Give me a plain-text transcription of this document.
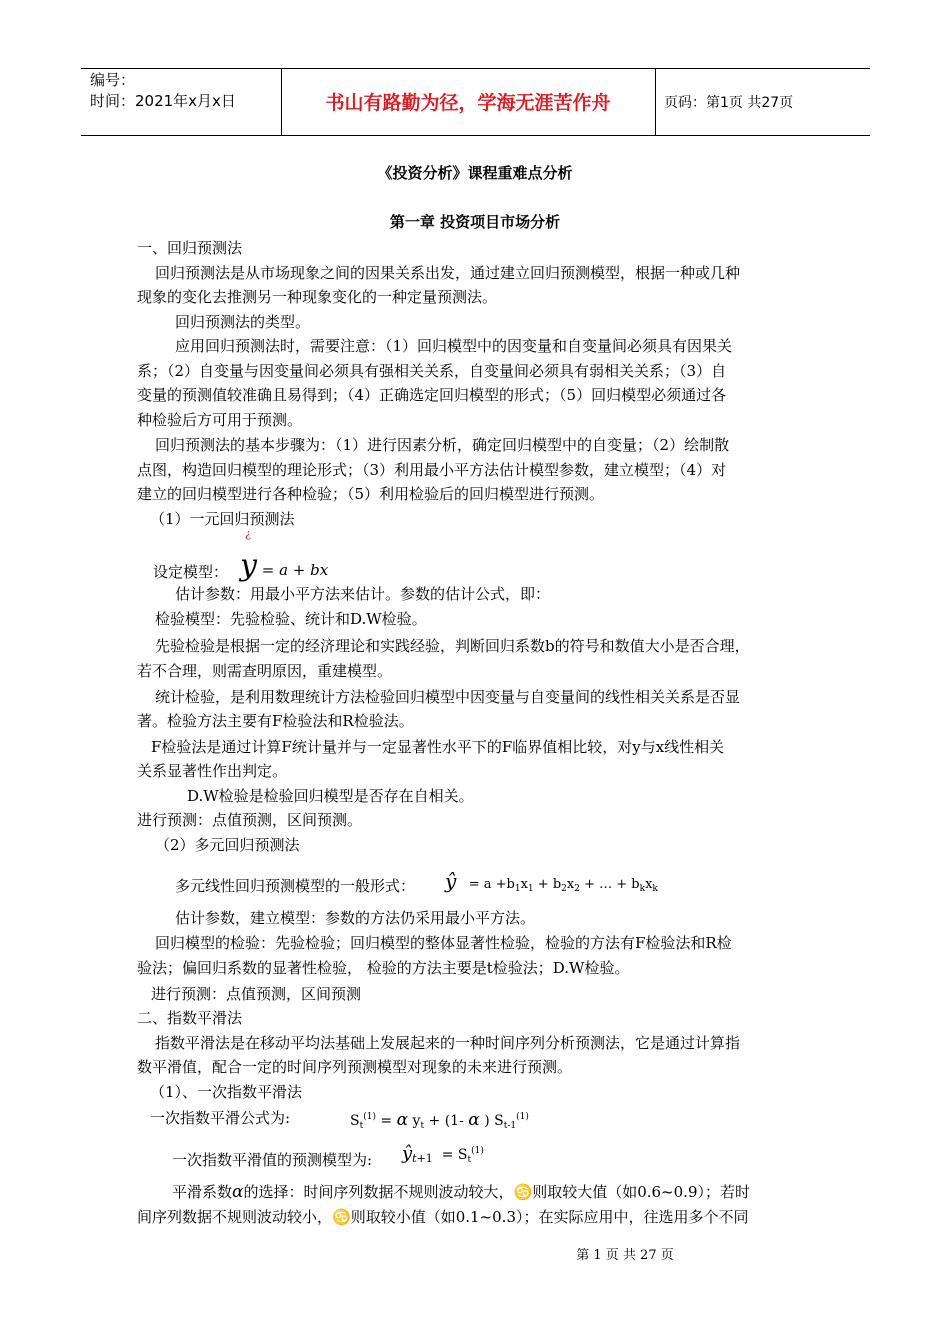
编号：
时间：2021年x月x日	书山有路勤为径，学海无涯苦作舟	页码：第1页 共27页
《投资分析》课程重难点分析
第一章 投资项目市场分析
一、回归预测法
回归预测法是从市场现象之间的因果关系出发，通过建立回归预测模型，根据一种或几种
现象的变化去推测另一种现象变化的一种定量预测法。
回归预测法的类型。
应用回归预测法时，需要注意：（1）回归模型中的因变量和自变量间必须具有因果关
系；（2）自变量与因变量间必须具有强相关关系，自变量间必须具有弱相关关系；（3）自
变量的预测值较准确且易得到；（4）正确选定回归模型的形式；（5）回归模型必须通过各
种检验后方可用于预测。
回归预测法的基本步骤为：（1）进行因素分析，确定回归模型中的自变量；（2）绘制散
点图，构造回归模型的理论形式；（3）利用最小平方法估计模型参数，建立模型；（4）对
建立的回归模型进行各种检验；（5）利用检验后的回归模型进行预测。
（1）一元回归预测法
¿
设定模型： y = a + bx
估计参数：用最小平方法来估计。参数的估计公式，即：
检验模型：先验检验、统计和D.W检验。
先验检验是根据一定的经济理论和实践经验，判断回归系数b的符号和数值大小是否合理，
若不合理，则需查明原因，重建模型。
统计检验，是利用数理统计方法检验回归模型中因变量与自变量间的线性相关关系是否显
著。检验方法主要有F检验法和R检验法。
F检验法是通过计算F统计量并与一定显著性水平下的F临界值相比较，对y与x线性相关
关系显著性作出判定。
D.W检验是检验回归模型是否存在自相关。
进行预测：点值预测，区间预测。
（2）多元回归预测法
多元线性回归预测模型的一般形式： ŷ   = $a +b_1x_1 + b_2x_2$ + … + $b_kx_k$
估计参数，建立模型：参数的方法仍采用最小平方法。
回归模型的检验：先验检验；回归模型的整体显著性检验，检验的方法有F检验法和R检
验法；偏回归系数的显著性检验， 检验的方法主要是t检验法；D.W检验。
进行预测：点值预测，区间预测
二、指数平滑法
指数平滑法是在移动平均法基础上发展起来的一种时间序列分析预测法，它是通过计算指
数平滑值，配合一定的时间序列预测模型对现象的未来进行预测。
（1）、一次指数平滑法
一次指数平滑公式为:	$S_t^{(1)} = \alpha$ $y_t + (1-$ α ) $S_{t-1}^{(1)}$
一次指数平滑值的预测模型为: $ŷ_{t+1} = S_t^{(1)}$
平滑系数α的选择：时间序列数据不规则波动较大，♋则取较大值（如0.6~0.9）；若时
间序列数据不规则波动较小，♋则取较小值（如0.1~0.3）；在实际应用中，往选用多个不同
第 1 页 共 27 页
